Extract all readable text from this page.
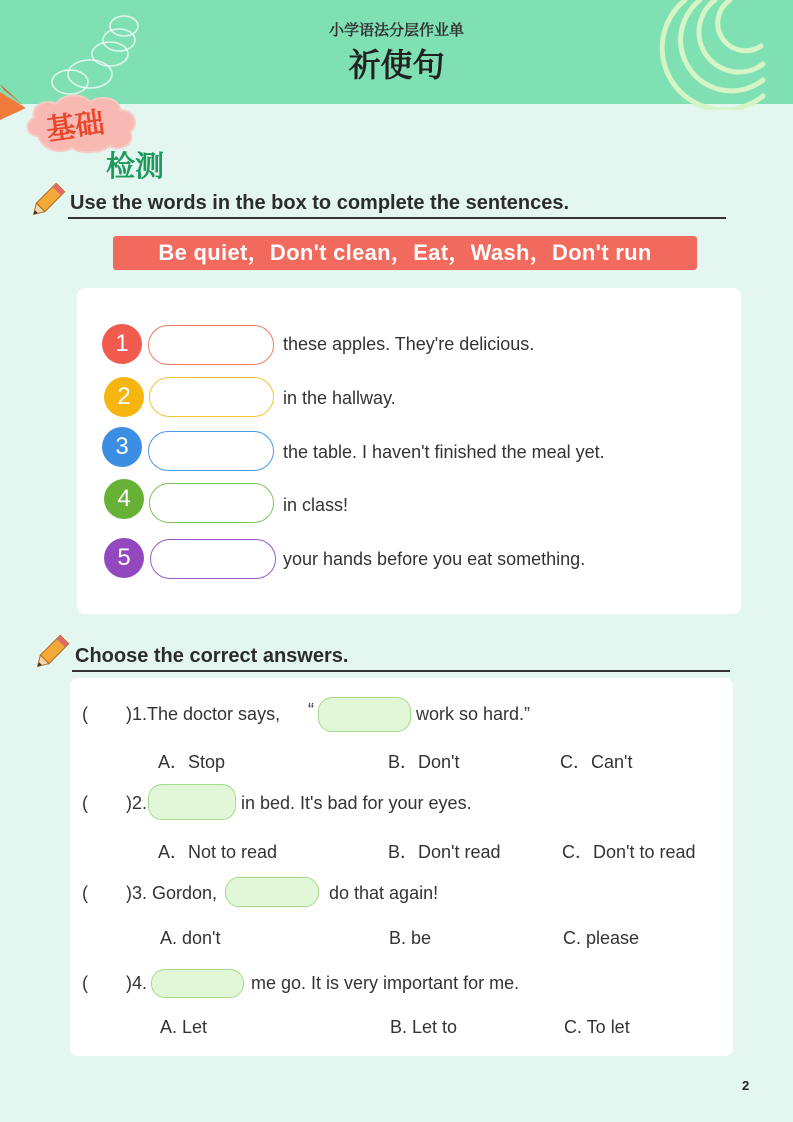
小学语法分层作业单
祈使句
基础
检测
Use the words in the box to complete the sentences.
Be quiet，Don't clean，Eat，Wash，Don't run
1	these apples. They're delicious.
2	in the hallway.
3	the table. I haven't finished the meal yet.
4	in class!
5	your hands before you eat something.
Choose the correct answers.
( )1.The doctor says, “	work so hard.”
A．Stop	B．Don't	C．Can't
( )2.	in bed. It's bad for your eyes.
A．Not to read	B．Don't read	C．Don't to read
( )3. Gordon,	do that again!
A. don't	B. be	C. please
( )4.	me go. It is very important for me.
A. Let	B. Let to	C. To let
2
